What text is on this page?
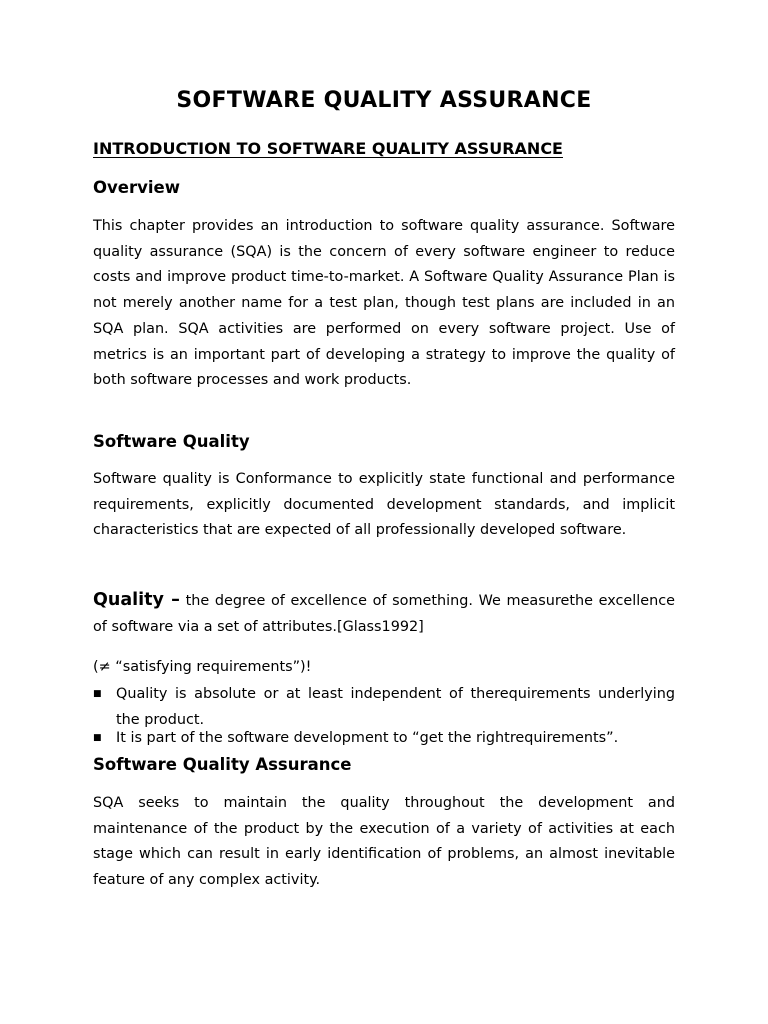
SOFTWARE QUALITY ASSURANCE
INTRODUCTION TO SOFTWARE QUALITY ASSURANCE
Overview

This chapter provides an introduction to software quality assurance. Software quality assurance (SQA) is the concern of every software engineer to reduce costs and improve product time-to-market. A Software Quality Assurance Plan is not merely another name for a test plan, though test plans are included in an SQA plan. SQA activities are performed on every software project. Use of metrics is an important part of developing a strategy to improve the quality of both software processes and work products.

Software Quality

Software quality is Conformance to explicitly state functional and performance requirements, explicitly documented development standards, and implicit characteristics that are expected of all professionally developed software.

Quality – the degree of excellence of something. We measurethe excellence of software via a set of attributes.[Glass1992]

(≠ “satisfying requirements”)!

■ Quality is absolute or at least independent of therequirements underlying the product.
■ It is part of the software development to “get the rightrequirements”.
Software Quality Assurance

SQA seeks to maintain the quality throughout the development and maintenance of the product by the execution of a variety of activities at each stage which can result in early identification of problems, an almost inevitable feature of any complex activity.
